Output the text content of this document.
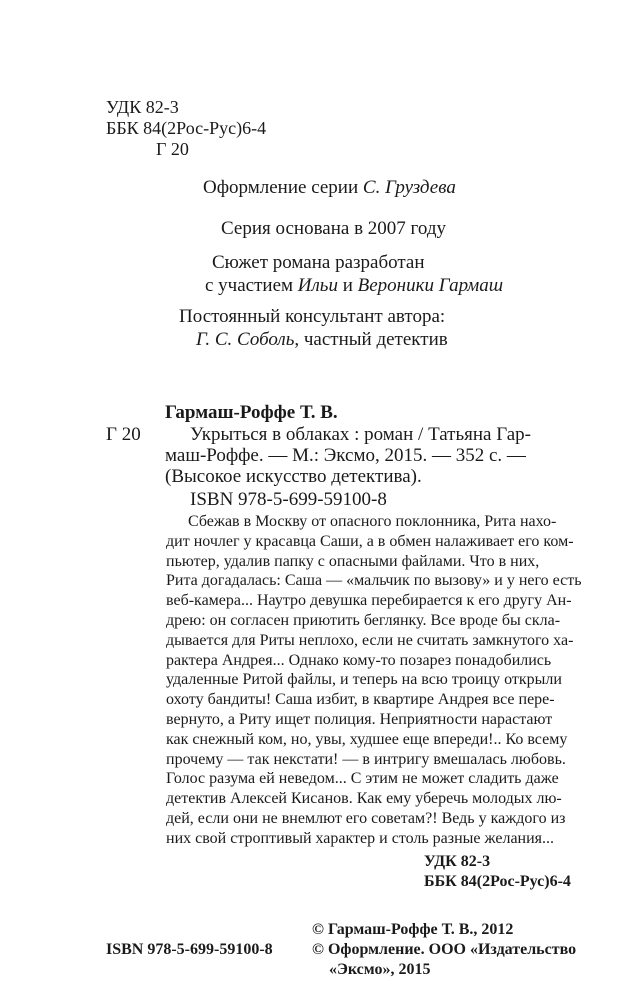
УДК 82-3
ББК 84(2Рос-Рус)6-4
Г 20
Оформление серии С. Груздева
Серия основана в 2007 году
Сюжет романа разработан
с участием Ильи и Вероники Гармаш
Постоянный консультант автора:
Г. С. Соболь, частный детектив
Гармаш-Роффе Т. В.
Г 20	Укрыться в облаках : роман / Татьяна Гар-
маш-Роффе. — М.: Эксмо, 2015. — 352 с. —
(Высокое искусство детектива).
ISBN 978-5-699-59100-8
Сбежав в Москву от опасного поклонника, Рита нахо-
дит ночлег у красавца Саши, а в обмен налаживает его ком-
пьютер, удалив папку с опасными файлами. Что в них,
Рита догадалась: Саша — «мальчик по вызову» и у него есть
веб-камера... Наутро девушка перебирается к его другу Ан-
дрею: он согласен приютить беглянку. Все вроде бы скла-
дывается для Риты неплохо, если не считать замкнутого ха-
рактера Андрея... Однако кому-то позарез понадобились
удаленные Ритой файлы, и теперь на всю троицу открыли
охоту бандиты! Саша избит, в квартире Андрея все пере-
вернуто, а Риту ищет полиция. Неприятности нарастают
как снежный ком, но, увы, худшее еще впереди!.. Ко всему
прочему — так некстати! — в интригу вмешалась любовь.
Голос разума ей неведом... С этим не может сладить даже
детектив Алексей Кисанов. Как ему уберечь молодых лю-
дей, если они не внемлют его советам?! Ведь у каждого из
них свой строптивый характер и столь разные желания...
УДК 82-3
ББК 84(2Рос-Рус)6-4
© Гармаш-Роффе Т. В., 2012
© Оформление. ООО «Издательство
«Эксмо», 2015
ISBN 978-5-699-59100-8
